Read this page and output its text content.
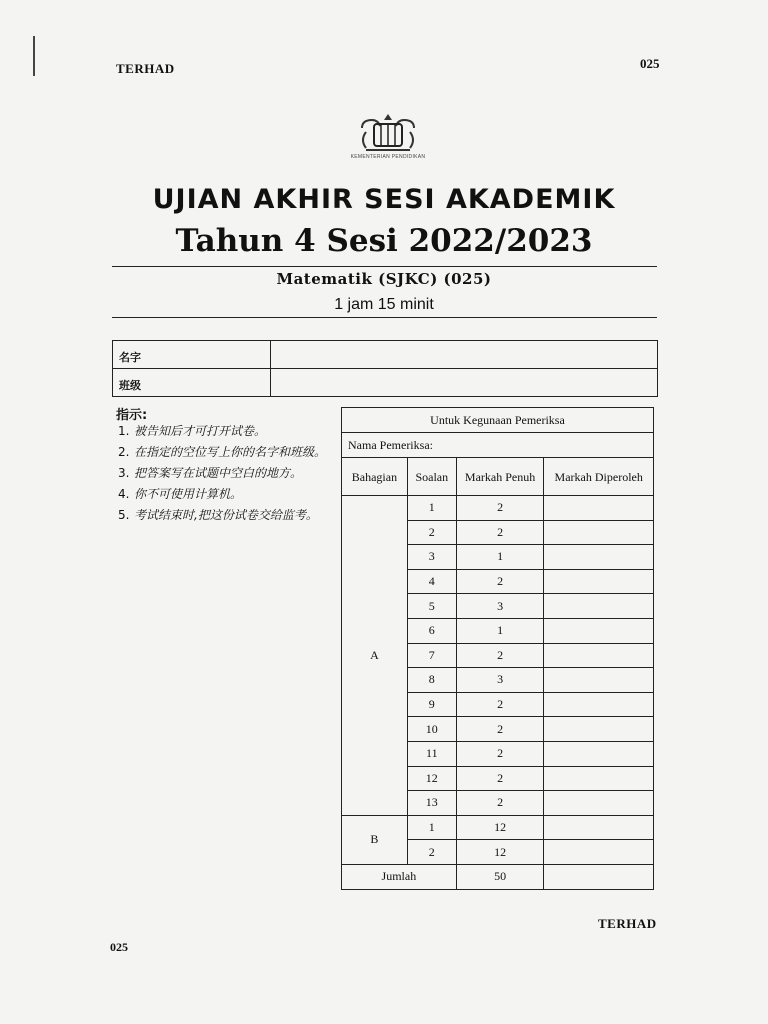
TERHAD	025
KEMENTERIAN PENDIDIKAN
UJIAN AKHIR SESI AKADEMIK
Tahun 4 Sesi 2022/2023
Matematik (SJKC) (025)
1 jam 15 minit
名字
班级
指示:
1. 被告知后才可打开试卷。
2. 在指定的空位写上你的名字和班级。
3. 把答案写在试题中空白的地方。
4. 你不可使用计算机。
5. 考试结束时,把这份试卷交给监考。
Untuk Kegunaan Pemeriksa			
Nama Pemeriksa:			
Bahagian	Soalan	Markah Penuh	Markah Diperoleh
A	1	2	
	2	2	
	3	1	
	4	2	
	5	3	
	6	1	
	7	2	
	8	3	
	9	2	
	10	2	
	11	2	
	12	2	
	13	2	
B	1	12	
	2	12	
Jumlah		50	
TERHAD
025
